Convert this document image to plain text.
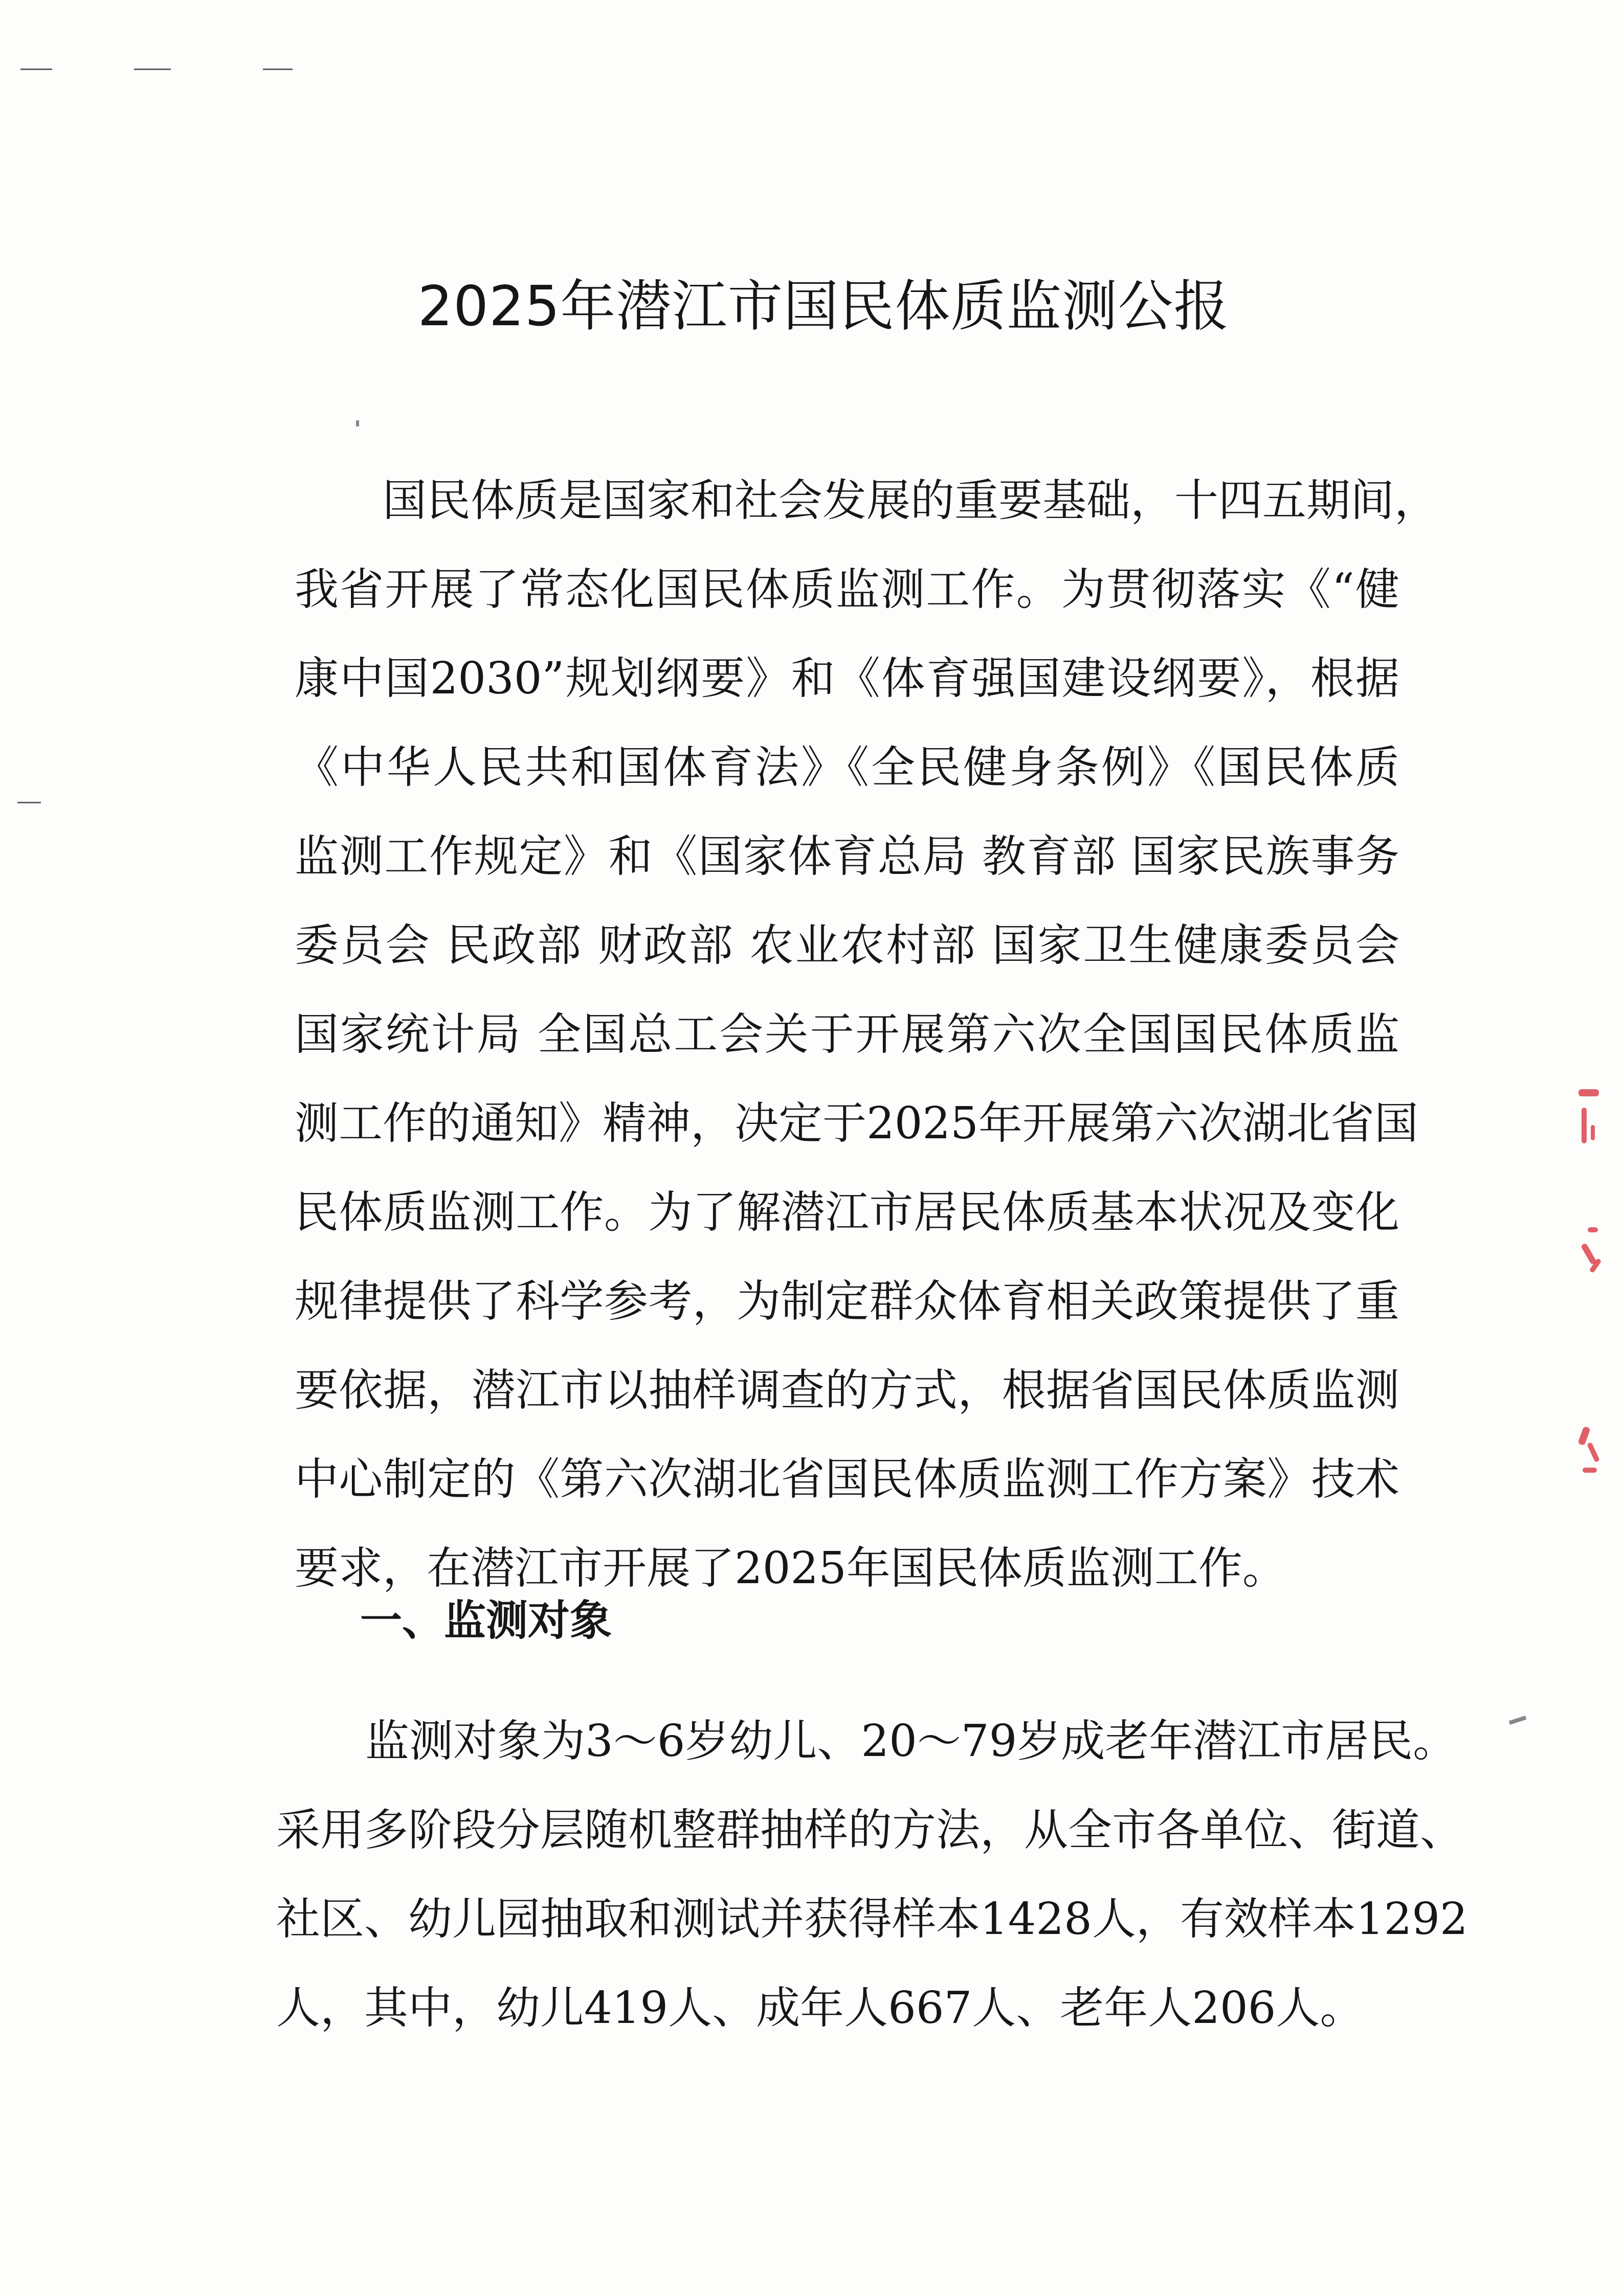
2025年潜江市国民体质监测公报
国民体质是国家和社会发展的重要基础，十四五期间，
我省开展了常态化国民体质监测工作。为贯彻落实《“健
康中国2030”规划纲要》和《体育强国建设纲要》，根据
《中华人民共和国体育法》《全民健身条例》《国民体质
监测工作规定》和《国家体育总局 教育部 国家民族事务
委员会 民政部 财政部 农业农村部 国家卫生健康委员会
国家统计局 全国总工会关于开展第六次全国国民体质监
测工作的通知》精神，决定于2025年开展第六次湖北省国
民体质监测工作。为了解潜江市居民体质基本状况及变化
规律提供了科学参考，为制定群众体育相关政策提供了重
要依据，潜江市以抽样调查的方式，根据省国民体质监测
中心制定的《第六次湖北省国民体质监测工作方案》技术
要求，在潜江市开展了2025年国民体质监测工作。
一、监测对象
监测对象为3～6岁幼儿、20～79岁成老年潜江市居民。
采用多阶段分层随机整群抽样的方法，从全市各单位、街道、
社区、幼儿园抽取和测试并获得样本1428人，有效样本1292
人，其中，幼儿419人、成年人667人、老年人206人。
